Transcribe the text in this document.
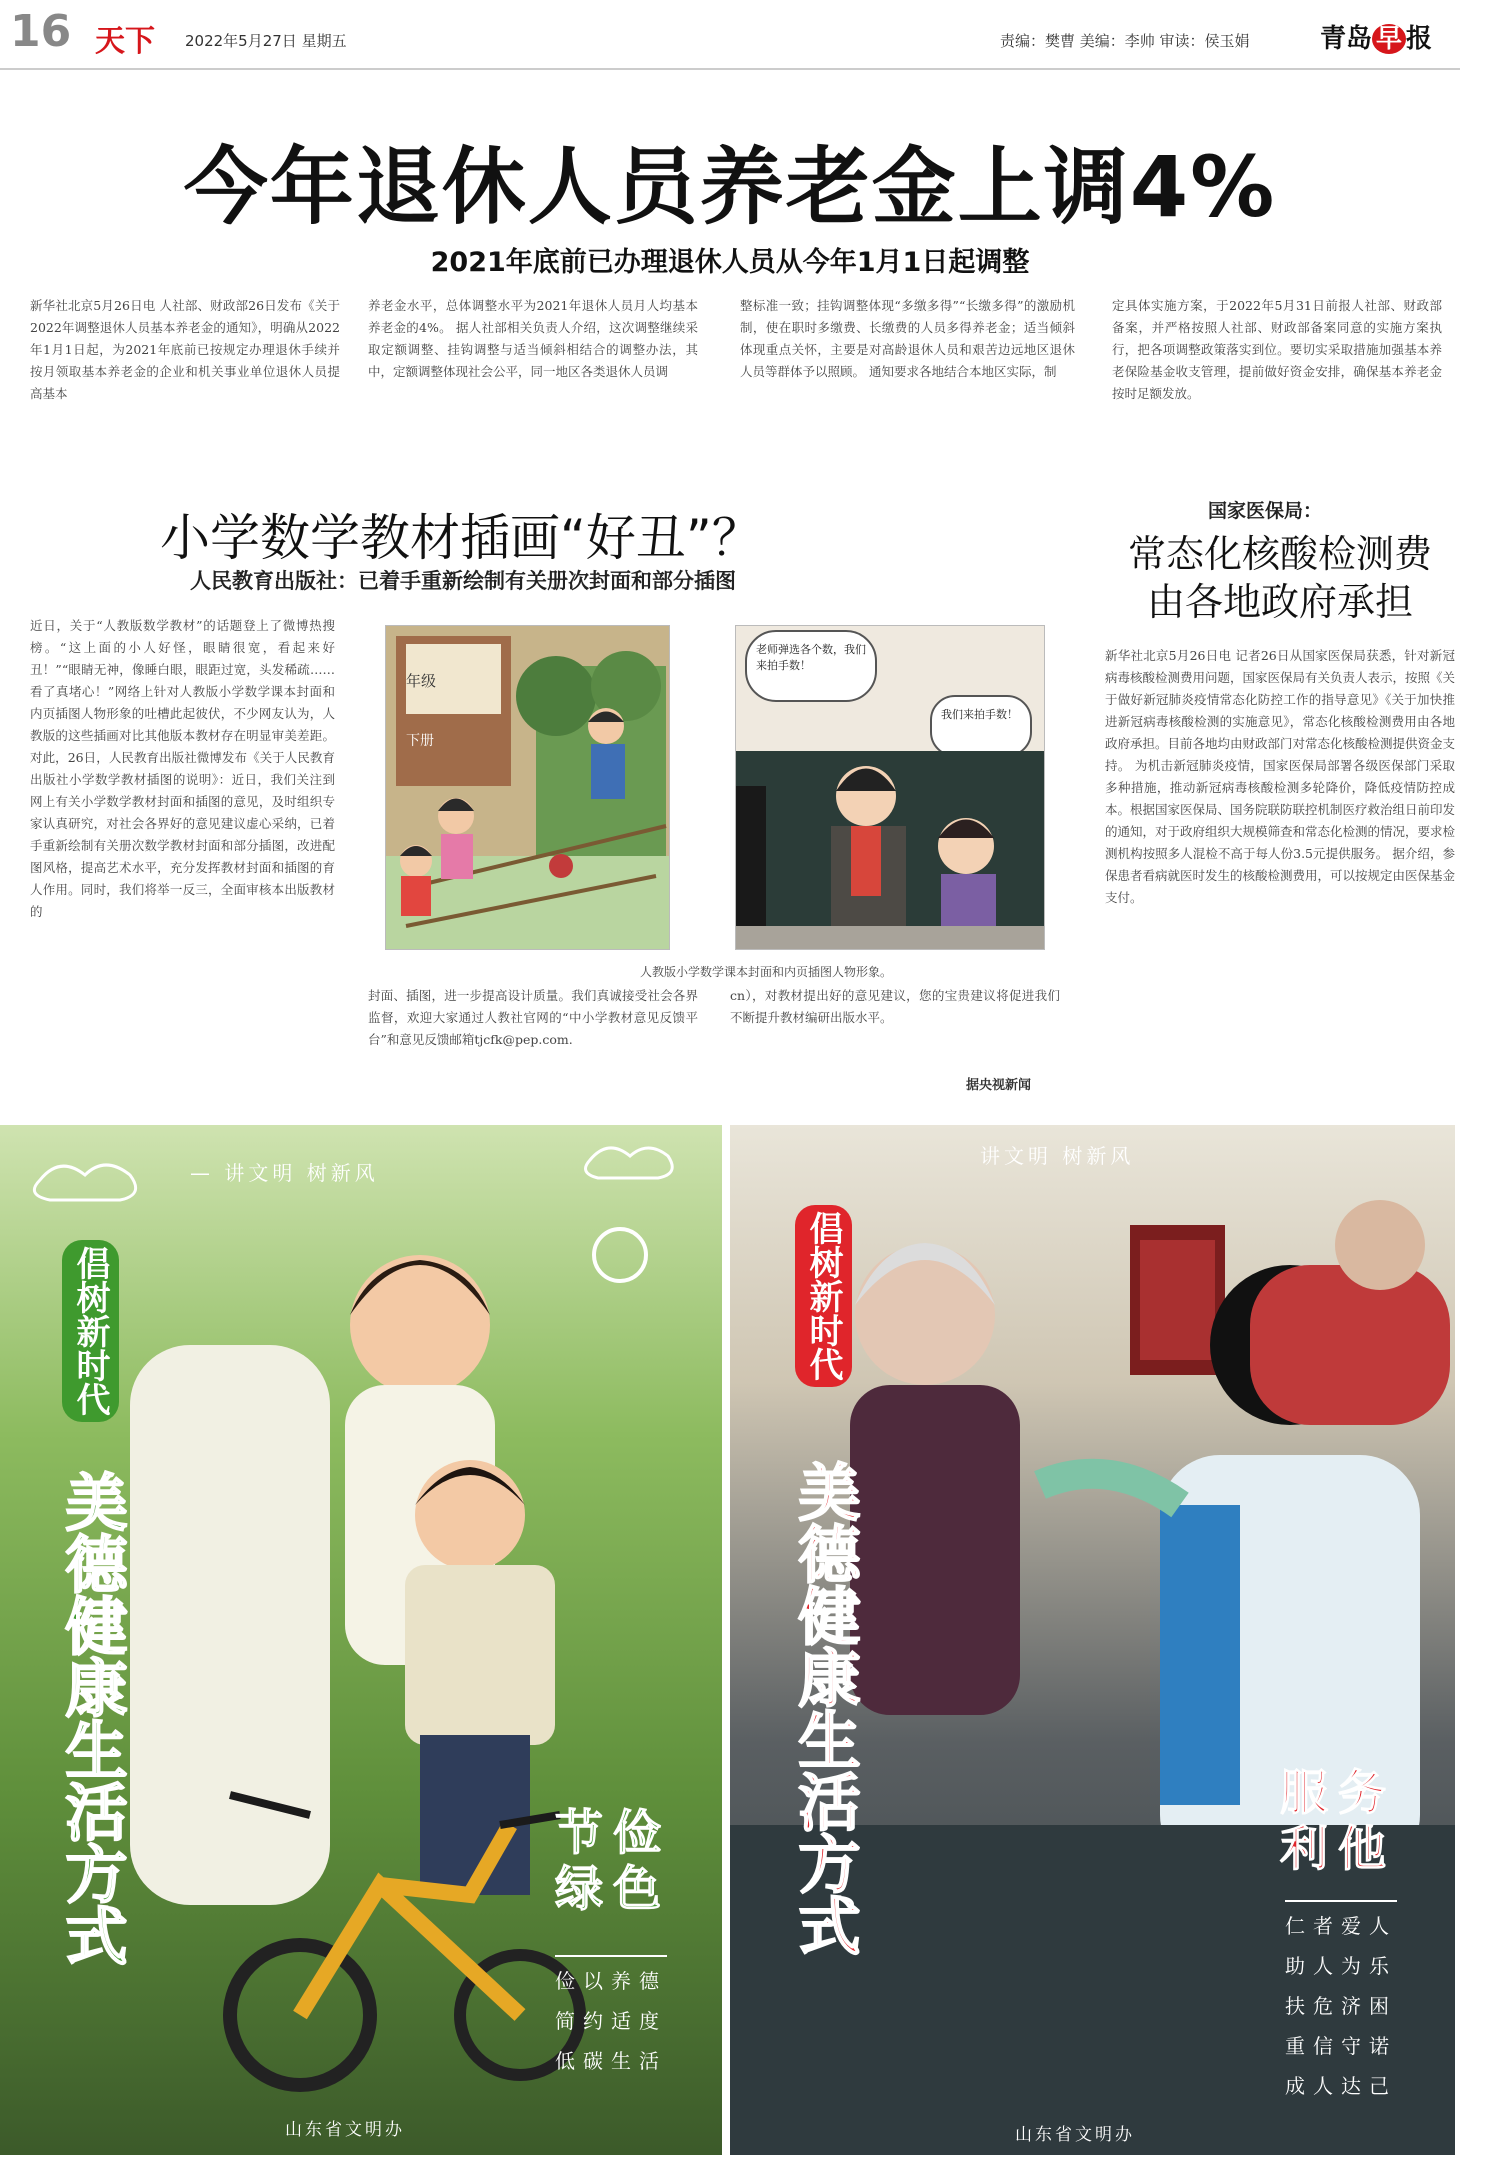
16 天下 2022年5月27日 星期五	责编：樊曹 美编：李帅 审读：侯玉娟	青岛 早 报
今年退休人员养老金上调4%
2021年底前已办理退休人员从今年1月1日起调整
新华社北京5月26日电 人社部、财政部26日发布《关于2022年调整退休人员基本养老金的通知》，明确从2022年1月1日起，为2021年底前已按规定办理退休手续并按月领取基本养老金的企业和机关事业单位退休人员提高基本
养老金水平，总体调整水平为2021年退休人员月人均基本养老金的4%。 据人社部相关负责人介绍，这次调整继续采取定额调整、挂钩调整与适当倾斜相结合的调整办法，其中，定额调整体现社会公平，同一地区各类退休人员调
整标准一致；挂钩调整体现“多缴多得”“长缴多得”的激励机制，使在职时多缴费、长缴费的人员多得养老金；适当倾斜体现重点关怀，主要是对高龄退休人员和艰苦边远地区退休人员等群体予以照顾。 通知要求各地结合本地区实际，制
定具体实施方案，于2022年5月31日前报人社部、财政部备案，并严格按照人社部、财政部备案同意的实施方案执行，把各项调整政策落实到位。要切实采取措施加强基本养老保险基金收支管理，提前做好资金安排，确保基本养老金按时足额发放。
小学数学教材插画“好丑”？
人民教育出版社：已着手重新绘制有关册次封面和部分插图
近日，关于“人教版数学教材”的话题登上了微博热搜榜。“这上面的小人好怪，眼睛很宽，看起来好丑！”“眼睛无神，像睡白眼，眼距过宽，头发稀疏……看了真堵心！”网络上针对人教版小学数学课本封面和内页插图人物形象的吐槽此起彼伏，不少网友认为，人教版的这些插画对比其他版本教材存在明显审美差距。 对此，26日，人民教育出版社微博发布《关于人民教育出版社小学数学教材插图的说明》：近日，我们关注到网上有关小学数学教材封面和插图的意见，及时组织专家认真研究，对社会各界好的意见建议虚心采纳，已着手重新绘制有关册次数学教材封面和部分插图，改进配图风格，提高艺术水平，充分发挥教材封面和插图的育人作用。同时，我们将举一反三，全面审核本出版教材的
年级
下册
老师弹选各个数，我们来拍手数！
我们来拍手数！
人教版小学数学课本封面和内页插图人物形象。
封面、插图，进一步提高设计质量。我们真诚接受社会各界监督，欢迎大家通过人教社官网的“中小学教材意见反馈平台”和意见反馈邮箱tjcfk@pep.com.
cn），对教材提出好的意见建议，您的宝贵建议将促进我们不断提升教材编研出版水平。
据央视新闻
国家医保局：
常态化核酸检测费
由各地政府承担
新华社北京5月26日电 记者26日从国家医保局获悉，针对新冠病毒核酸检测费用问题，国家医保局有关负责人表示，按照《关于做好新冠肺炎疫情常态化防控工作的指导意见》《关于加快推进新冠病毒核酸检测的实施意见》，常态化核酸检测费用由各地政府承担。目前各地均由财政部门对常态化核酸检测提供资金支持。 为机击新冠肺炎疫情，国家医保局部署各级医保部门采取多种措施，推动新冠病毒核酸检测多轮降价，降低疫情防控成本。根据国家医保局、国务院联防联控机制医疗救治组日前印发的通知，对于政府组织大规模筛查和常态化检测的情况，要求检测机构按照多人混检不高于每人份3.5元提供服务。 据介绍，参保患者看病就医时发生的核酸检测费用，可以按规定由医保基金支付。
— 讲文明 树新风
倡树新时代
美德健康生活方式	节俭
绿色
俭以养德
简约适度
低碳生活
山东省文明办
讲文明 树新风
倡树新时代
美德健康生活方式	服务
利他
仁者爱人
助人为乐
扶危济困
重信守诺
成人达己
山东省文明办
